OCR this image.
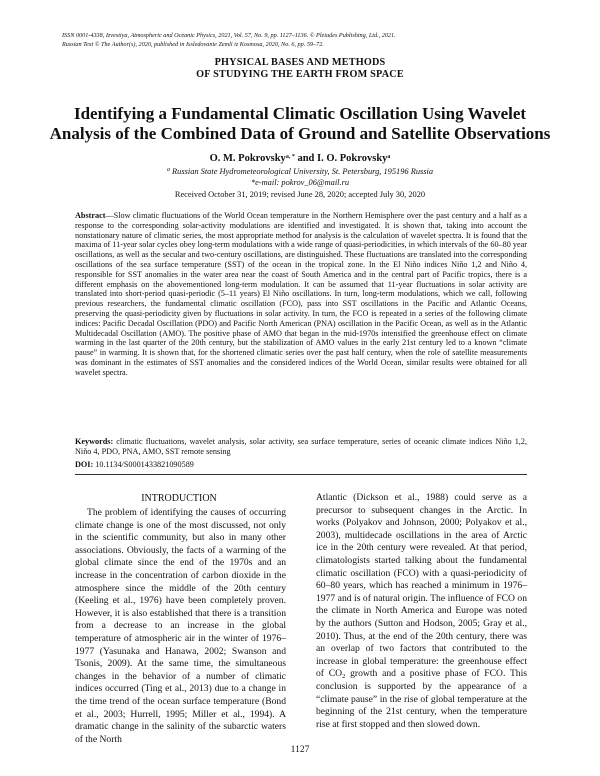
ISSN 0001-4338, Izvestiya, Atmospheric and Oceanic Physics, 2021, Vol. 57, No. 9, pp. 1127–1136. © Pleiades Publishing, Ltd., 2021.
Russian Text © The Author(s), 2020, published in Issledovanie Zemli iz Kosmosa, 2020, No. 6, pp. 59–72.
PHYSICAL BASES AND METHODS
OF STUDYING THE EARTH FROM SPACE
Identifying a Fundamental Climatic Oscillation Using Wavelet
Analysis of the Combined Data of Ground and Satellite Observations
O. M. Pokrovsky$^{a, *}$ and I. O. Pokrovsky$^a$
$^a$ Russian State Hydrometeorological University, St. Petersburg, 195196 Russia
*e-mail: pokrov_06@mail.ru
Received October 31, 2019; revised June 28, 2020; accepted July 30, 2020
Abstract—Slow climatic fluctuations of the World Ocean temperature in the Northern Hemisphere over the past century and a half as a response to the corresponding solar-activity modulations are identified and investigated. It is shown that, taking into account the nonstationary nature of climatic series, the most appropriate method for analysis is the calculation of wavelet spectra. It is found that the maxima of 11-year solar cycles obey long-term modulations with a wide range of quasi-periodicities, in which intervals of the 60–80 year oscillations, as well as the secular and two-century oscillations, are distinguished. These fluctuations are translated into the corresponding oscillations of the sea surface temperature (SST) of the ocean in the tropical zone. In the El Niño indices Niño 1,2 and Niño 4, responsible for SST anomalies in the water area near the coast of South America and in the central part of Pacific tropics, there is a different emphasis on the abovementioned long-term modulation. It can be assumed that 11-year fluctuations in solar activity are translated into short-period quasi-periodic (5–11 years) El Niño oscillations. In turn, long-term modulations, which we call, following previous researchers, the fundamental climatic oscillation (FCO), pass into SST oscillations in the Pacific and Atlantic Oceans, preserving the quasi-periodicity given by fluctuations in solar activity. In turn, the FCO is repeated in a series of the following climate indices: Pacific Decadal Oscillation (PDO) and Pacific North American (PNA) oscillation in the Pacific Ocean, as well as in the Atlantic Multidecadal Oscillation (AMO). The positive phase of AMO that began in the mid-1970s intensified the greenhouse effect on climate warming in the last quarter of the 20th century, but the stabilization of AMO values in the early 21st century led to a known “climate pause” in warming. It is shown that, for the shortened climatic series over the past half century, when the role of satellite measurements was dominant in the estimates of SST anomalies and the considered indices of the World Ocean, similar results were obtained for all wavelet spectra.
Keywords: climatic fluctuations, wavelet analysis, solar activity, sea surface temperature, series of oceanic climate indices Niño 1,2, Niño 4, PDO, PNA, AMO, SST remote sensing
DOI: 10.1134/S0001433821090589
INTRODUCTION
The problem of identifying the causes of occurring climate change is one of the most discussed, not only in the scientific community, but also in many other associations. Obviously, the facts of a warming of the global climate since the end of the 1970s and an increase in the concentration of carbon dioxide in the atmosphere since the middle of the 20th century (Keeling et al., 1976) have been completely proven. However, it is also established that there is a transition from a decrease to an increase in the global temperature of atmospheric air in the winter of 1976–1977 (Yasunaka and Hanawa, 2002; Swanson and Tsonis, 2009). At the same time, the simultaneous changes in the behavior of a number of climatic indices occurred (Ting et al., 2013) due to a change in the time trend of the ocean surface temperature (Bond et al., 2003; Hurrell, 1995; Miller et al., 1994). A dramatic change in the salinity of the subarctic waters of the North
Atlantic (Dickson et al., 1988) could serve as a precursor to subsequent changes in the Arctic. In works (Polyakov and Johnson, 2000; Polyakov et al., 2003), multidecade oscillations in the area of Arctic ice in the 20th century were revealed. At that period, climatologists started talking about the fundamental climatic oscillation (FCO) with a quasi-periodicity of 60–80 years, which has reached a minimum in 1976–1977 and is of natural origin. The influence of FCO on the climate in North America and Europe was noted by the authors (Sutton and Hodson, 2005; Gray et al., 2010). Thus, at the end of the 20th century, there was an overlap of two factors that contributed to the increase in global temperature: the greenhouse effect of $CO_2$ growth and a positive phase of FCO. This conclusion is supported by the appearance of a “climate pause” in the rise of global temperature at the beginning of the 21st century, when the temperature rise at first stopped and then slowed down.
1127
